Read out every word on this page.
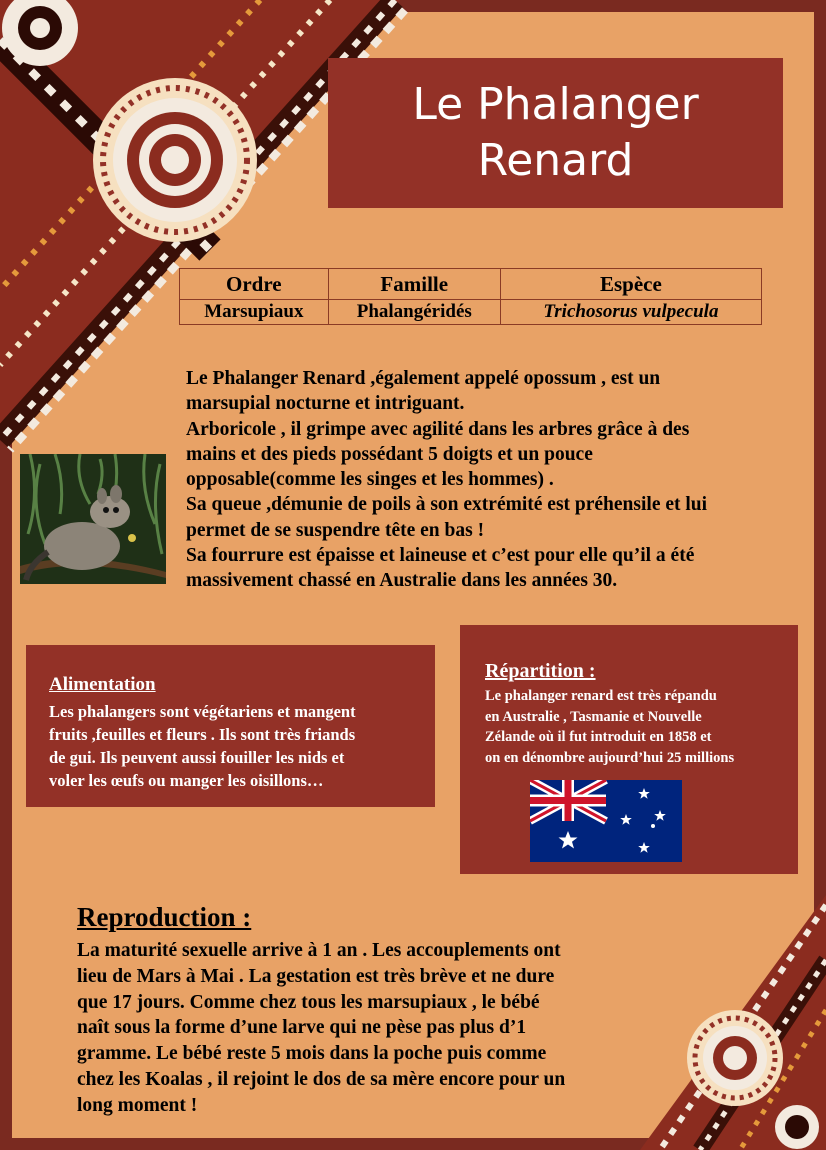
Le Phalanger
Renard
Ordre	Famille	Espèce
Marsupiaux	Phalangéridés	Trichosorus vulpecula

Le Phalanger Renard ,également appelé opossum , est un

marsupial nocturne et intriguant.

Arboricole , il grimpe avec agilité dans les arbres grâce à des

mains et des pieds possédant 5 doigts et un pouce

opposable(comme les singes et les hommes) .

Sa queue ,démunie de poils à son extrémité est préhensile et lui

permet de se suspendre tête en bas !

Sa fourrure est épaisse et laineuse et c’est pour elle qu’il a été

massivement chassé en Australie dans les années 30.

Alimentation
Les phalangers sont végétariens et mangent
fruits ,feuilles et fleurs . Ils sont très friands
de gui. Ils peuvent aussi fouiller les nids et
voler les œufs ou manger les oisillons…
Répartition :
Le phalanger renard est très répandu
en Australie , Tasmanie et Nouvelle
Zélande où il fut introduit en 1858 et
on en dénombre aujourd’hui 25 millions
Reproduction :
La maturité sexuelle arrive à 1 an . Les accouplements ont
lieu de Mars à Mai . La gestation est très brève et ne dure
que 17 jours. Comme chez tous les marsupiaux , le bébé
naît sous la forme d’une larve qui ne pèse pas plus d’1
gramme. Le bébé reste 5 mois dans la poche puis comme
chez les Koalas , il rejoint le dos de sa mère encore pour un
long moment !
